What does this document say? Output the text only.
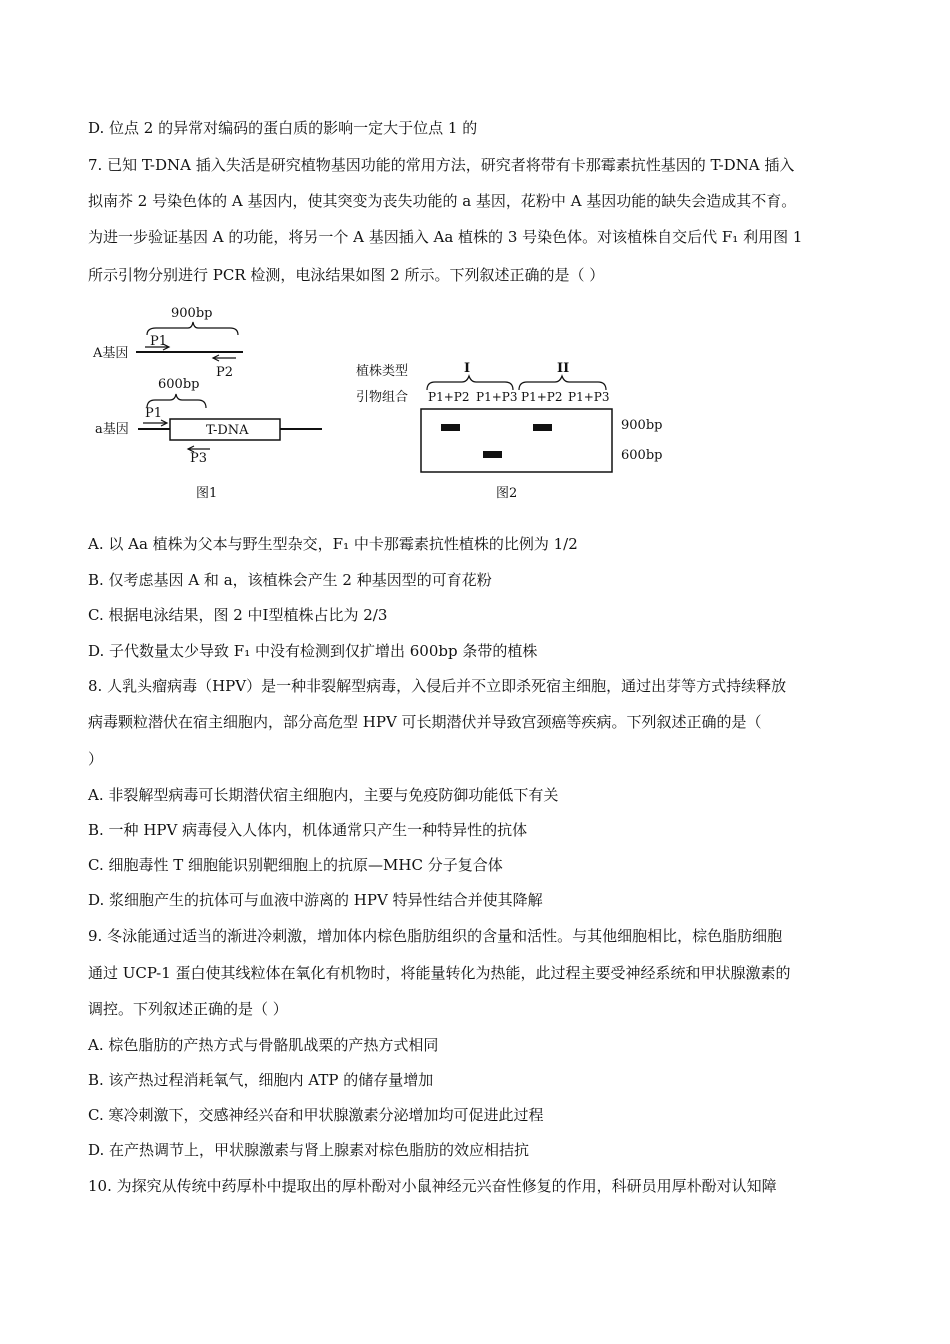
D. 位点 2 的异常对编码的蛋白质的影响一定大于位点 1 的
7. 已知 T-DNA 插入失活是研究植物基因功能的常用方法，研究者将带有卡那霉素抗性基因的 T-DNA 插入
拟南芥 2 号染色体的 A 基因内，使其突变为丧失功能的 a 基因，花粉中 A 基因功能的缺失会造成其不育。
为进一步验证基因 A 的功能，将另一个 A 基因插入 Aa 植株的 3 号染色体。对该植株自交后代 F₁ 利用图 1
所示引物分别进行 PCR 检测，电泳结果如图 2 所示。下列叙述正确的是（ ）
900bp
P1
A基因
P2
600bp
P1
a基因	T-DNA
P3
图1
植株类型
引物组合
I	II
P1+P2 P1+P3 P1+P2 P1+P3
900bp
600bp
图2
A. 以 Aa 植株为父本与野生型杂交，F₁ 中卡那霉素抗性植株的比例为 1/2
B. 仅考虑基因 A 和 a，该植株会产生 2 种基因型的可育花粉
C. 根据电泳结果，图 2 中Ⅰ型植株占比为 2/3
D. 子代数量太少导致 F₁ 中没有检测到仅扩增出 600bp 条带的植株
8. 人乳头瘤病毒（HPV）是一种非裂解型病毒，入侵后并不立即杀死宿主细胞，通过出芽等方式持续释放
病毒颗粒潜伏在宿主细胞内，部分高危型 HPV 可长期潜伏并导致宫颈癌等疾病。下列叙述正确的是（
）
A. 非裂解型病毒可长期潜伏宿主细胞内，主要与免疫防御功能低下有关
B. 一种 HPV 病毒侵入人体内，机体通常只产生一种特异性的抗体
C. 细胞毒性 T 细胞能识别靶细胞上的抗原—MHC 分子复合体
D. 浆细胞产生的抗体可与血液中游离的 HPV 特异性结合并使其降解
9. 冬泳能通过适当的渐进冷刺激，增加体内棕色脂肪组织的含量和活性。与其他细胞相比，棕色脂肪细胞
通过 UCP-1 蛋白使其线粒体在氧化有机物时，将能量转化为热能，此过程主要受神经系统和甲状腺激素的
调控。下列叙述正确的是（ ）
A. 棕色脂肪的产热方式与骨骼肌战栗的产热方式相同
B. 该产热过程消耗氧气，细胞内 ATP 的储存量增加
C. 寒冷刺激下，交感神经兴奋和甲状腺激素分泌增加均可促进此过程
D. 在产热调节上，甲状腺激素与肾上腺素对棕色脂肪的效应相拮抗
10. 为探究从传统中药厚朴中提取出的厚朴酚对小鼠神经元兴奋性修复的作用，科研员用厚朴酚对认知障
